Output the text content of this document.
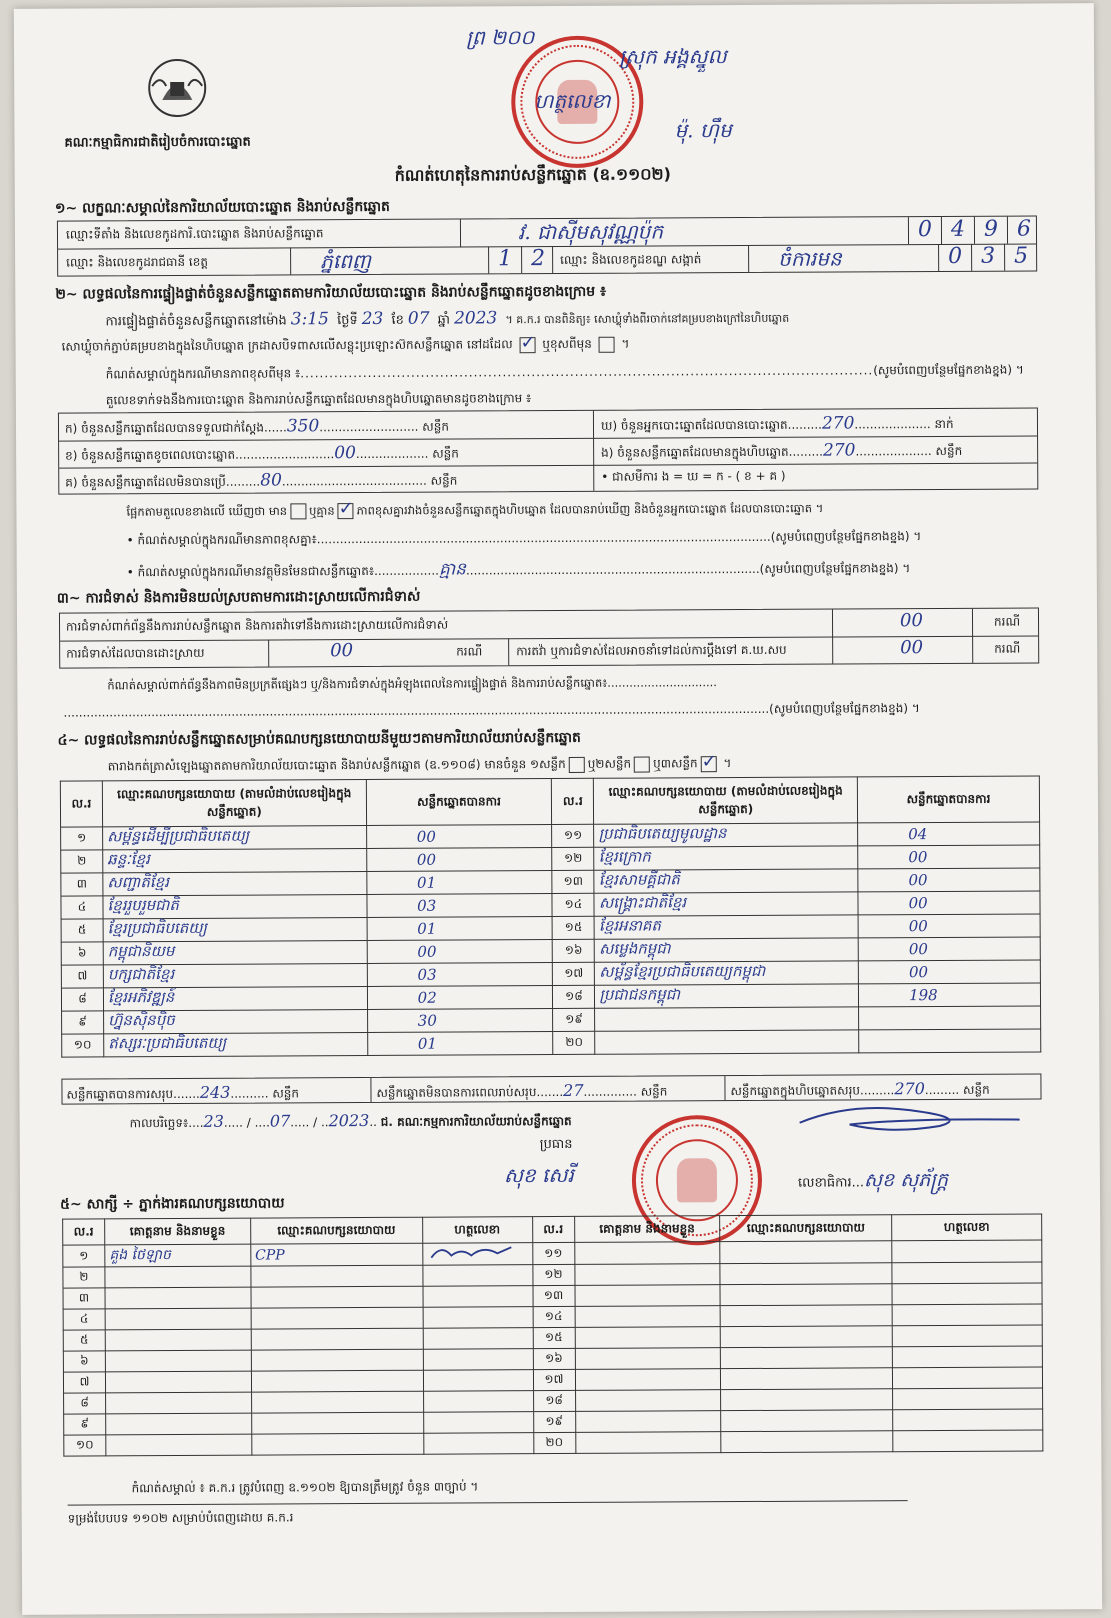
គណៈកម្មាធិការជាតិរៀបចំការបោះឆ្នោត
ព្រ ២០០
ស្រុក អង្គស្នួល
ហត្ថលេខា
ម៉ុ. ហ៊ឹម
កំណត់ហេតុនៃការរាប់សន្លឹកឆ្នោត (ឧ.១១០២)
១~ លក្ខណៈសម្គាល់នៃការិយាល័យបោះឆ្នោត និងរាប់សន្លឹកឆ្នោត
ឈ្មោះទីតាំង និងលេខកូដការិ.បោះឆ្នោត និងរាប់សន្លឹកឆ្នោត	វ. ជាស៊ីមសុវណ្ណប៉ុក	0 4 9 6
ឈ្មោះ និងលេខកូដរាជធានី ខេត្ត	ភ្នំពេញ	1 2	ឈ្មោះ និងលេខកូដខណ្ឌ សង្កាត់	ចំការមន	0 3 5
២~ លទ្ធផលនៃការផ្ទៀងផ្ទាត់ចំនួនសន្លឹកឆ្នោតតាមការិយាល័យបោះឆ្នោត និងរាប់សន្លឹកឆ្នោតដូចខាងក្រោម ៖
ការផ្ទៀងផ្ទាត់ចំនួនសន្លឹកឆ្នោតនៅម៉ោង 3:15 ថ្ងៃទី 23 ខែ 07 ឆ្នាំ 2023 ។ គ.ក.រ បានពិនិត្យ៖ សោឃ្លុំទាំងពីរចាក់នៅគម្របខាងក្រៅនៃហិបឆ្នោត
សោឃ្លុំចាក់ភ្ជាប់គម្របខាងក្នុងនៃហិបឆ្នោត ក្រដាសបិទពាសលើសន្លុះប្រឡោះស៊កសន្លឹកឆ្នោត នៅដដែល ✓ ឬខុសពីមុន  ។
កំណត់សម្គាល់ក្នុងករណីមានភាពខុសពីមុន ៖.......................................................................................................................(សូមបំពេញបន្ថែមផ្នែកខាងខ្នង) ។
តួលេខទាក់ទងនឹងការបោះឆ្នោត និងការរាប់សន្លឹកឆ្នោតដែលមានក្នុងហិបឆ្នោតមានដូចខាងក្រោម ៖
ក) ចំនួនសន្លឹកឆ្នោតដែលបានទទួលជាក់ស្តែង......350.......................... សន្លឹក
ខ) ចំនួនសន្លឹកឆ្នោតខូចពេលបោះឆ្នោត..........................00................... សន្លឹក
គ) ចំនួនសន្លឹកឆ្នោតដែលមិនបានប្រើ.........80...................................... សន្លឹក
ឃ) ចំនួនអ្នកបោះឆ្នោតដែលបានបោះឆ្នោត.........270.................... នាក់
ង) ចំនួនសន្លឹកឆ្នោតដែលមានក្នុងហិបឆ្នោត.........270.................... សន្លឹក
• ជាសមីការ ង = ឃ = ក - ( ខ + គ )
ផ្អែកតាមតួលេខខាងលើ ឃើញថា មាន ឬគ្មាន ✓ ភាពខុសគ្នារវាងចំនួនសន្លឹកឆ្នោតក្នុងហិបឆ្នោត ដែលបានរាប់ឃើញ និងចំនួនអ្នកបោះឆ្នោត ដែលបានបោះឆ្នោត ។
• កំណត់សម្គាល់ក្នុងករណីមានភាពខុសគ្នា៖.......................................................................................................................(សូមបំពេញបន្ថែមផ្នែកខាងខ្នង) ។
• កំណត់សម្គាល់ក្នុងករណីមានវត្ថុមិនមែនជាសន្លឹកឆ្នោត៖.................គ្មាន.............................................................................(សូមបំពេញបន្ថែមផ្នែកខាងខ្នង) ។
៣~ ការជំទាស់ និងការមិនយល់ស្របតាមការដោះស្រាយលើការជំទាស់
ការជំទាស់ពាក់ព័ន្ធនឹងការរាប់សន្លឹកឆ្នោត និងការតវ៉ាទៅនឹងការដោះស្រាយលើការជំទាស់	00	ករណី
ការជំទាស់ដែលបានដោះស្រាយ	00	ករណី	ការតវ៉ា ឬការជំទាស់ដែលអាចនាំទៅដល់ការប្តឹងទៅ គ.ឃ.សប	00	ករណី
កំណត់សម្គាល់ពាក់ព័ន្ធនឹងភាពមិនប្រក្រតីផ្សេងៗ ឬ/និងការជំទាស់ក្នុងអំឡុងពេលនៃការផ្ទៀងផ្ទាត់ និងការរាប់សន្លឹកឆ្នោត៖..............................
.........................................................................................................................................................................................(សូមបំពេញបន្ថែមផ្នែកខាងខ្នង) ។
៤~ លទ្ធផលនៃការរាប់សន្លឹកឆ្នោតសម្រាប់គណបក្សនយោបាយនីមួយៗតាមការិយាល័យរាប់សន្លឹកឆ្នោត
តារាងកត់ត្រាសំឡេងឆ្នោតតាមការិយាល័យបោះឆ្នោត និងរាប់សន្លឹកឆ្នោត (ឧ.១១០៨) មានចំនួន ១សន្លឹក ឬ២សន្លឹក ឬ៣សន្លឹក✓ ។
ល.រ	ឈ្មោះគណបក្សនយោបាយ (តាមលំដាប់លេខរៀងក្នុងសន្លឹកឆ្នោត)	សន្លឹកឆ្នោតបានការ	ល.រ	ឈ្មោះគណបក្សនយោបាយ (តាមលំដាប់លេខរៀងក្នុងសន្លឹកឆ្នោត)	សន្លឹកឆ្នោតបានការ
១	សម្ព័ន្ធដើម្បីប្រជាធិបតេយ្យ	00	១១	ប្រជាធិបតេយ្យមូលដ្ឋាន	04
២	ឆន្ទៈខ្មែរ	00	១២	ខ្មែរក្រោក	00
៣	សញ្ជាតិខ្មែរ	01	១៣	ខ្មែរសាមគ្គីជាតិ	00
៤	ខ្មែររួបរួមជាតិ	03	១៤	សង្គ្រោះជាតិខ្មែរ	00
៥	ខ្មែរប្រជាធិបតេយ្យ	01	១៥	ខ្មែរអនាគត	00
៦	កម្ពុជានិយម	00	១៦	សម្លេងកម្ពុជា	00
៧	បក្សជាតិខ្មែរ	03	១៧	សម្ព័ន្ធខ្មែរប្រជាធិបតេយ្យកម្ពុជា	00
៨	ខ្មែរអភិវឌ្ឍន៍	02	១៨	ប្រជាជនកម្ពុជា	198
៩	ហ្វ៊ុនស៊ិនប៉ិច	30	១៩		
១០	ឥស្សរៈប្រជាធិបតេយ្យ	01	២០		
សន្លឹកឆ្នោតបានការសរុប.......243.......... សន្លឹក	សន្លឹកឆ្នោតមិនបានការពេលរាប់សរុប.......27.............. សន្លឹក	សន្លឹកឆ្នោតក្នុងហិបឆ្នោតសរុប.........270......... សន្លឹក
កាលបរិច្ឆេទ៖....23..... / ....07..... / ..2023.. ជ. គណៈកម្មការការិយាល័យរាប់សន្លឹកឆ្នោត
ប្រធាន
សុខ សេរី	លេខាធិការ...សុខ សុភ័ក្ត្រ
៥~ សាក្សី ÷ ភ្នាក់ងារគណបក្សនយោបាយ
ល.រ	គោត្តនាម និងនាមខ្លួន	ឈ្មោះគណបក្សនយោបាយ	ហត្ថលេខា	ល.រ	គោត្តនាម និងនាមខ្លួន	ឈ្មោះគណបក្សនយោបាយ	ហត្ថលេខា
១	គួង ថៃឡាច	CPP		១១			
២				១២			
៣				១៣			
៤				១៤			
៥				១៥			
៦				១៦			
៧				១៧			
៨				១៨			
៩				១៩			
១០				២០			
កំណត់សម្គាល់ ៖ គ.ក.រ ត្រូវបំពេញ ឧ.១១០២ ឱ្យបានត្រឹមត្រូវ ចំនួន ៣ច្បាប់ ។
ទម្រង់បែបបទ ១១០២ សម្រាប់បំពេញដោយ គ.ក.រ
